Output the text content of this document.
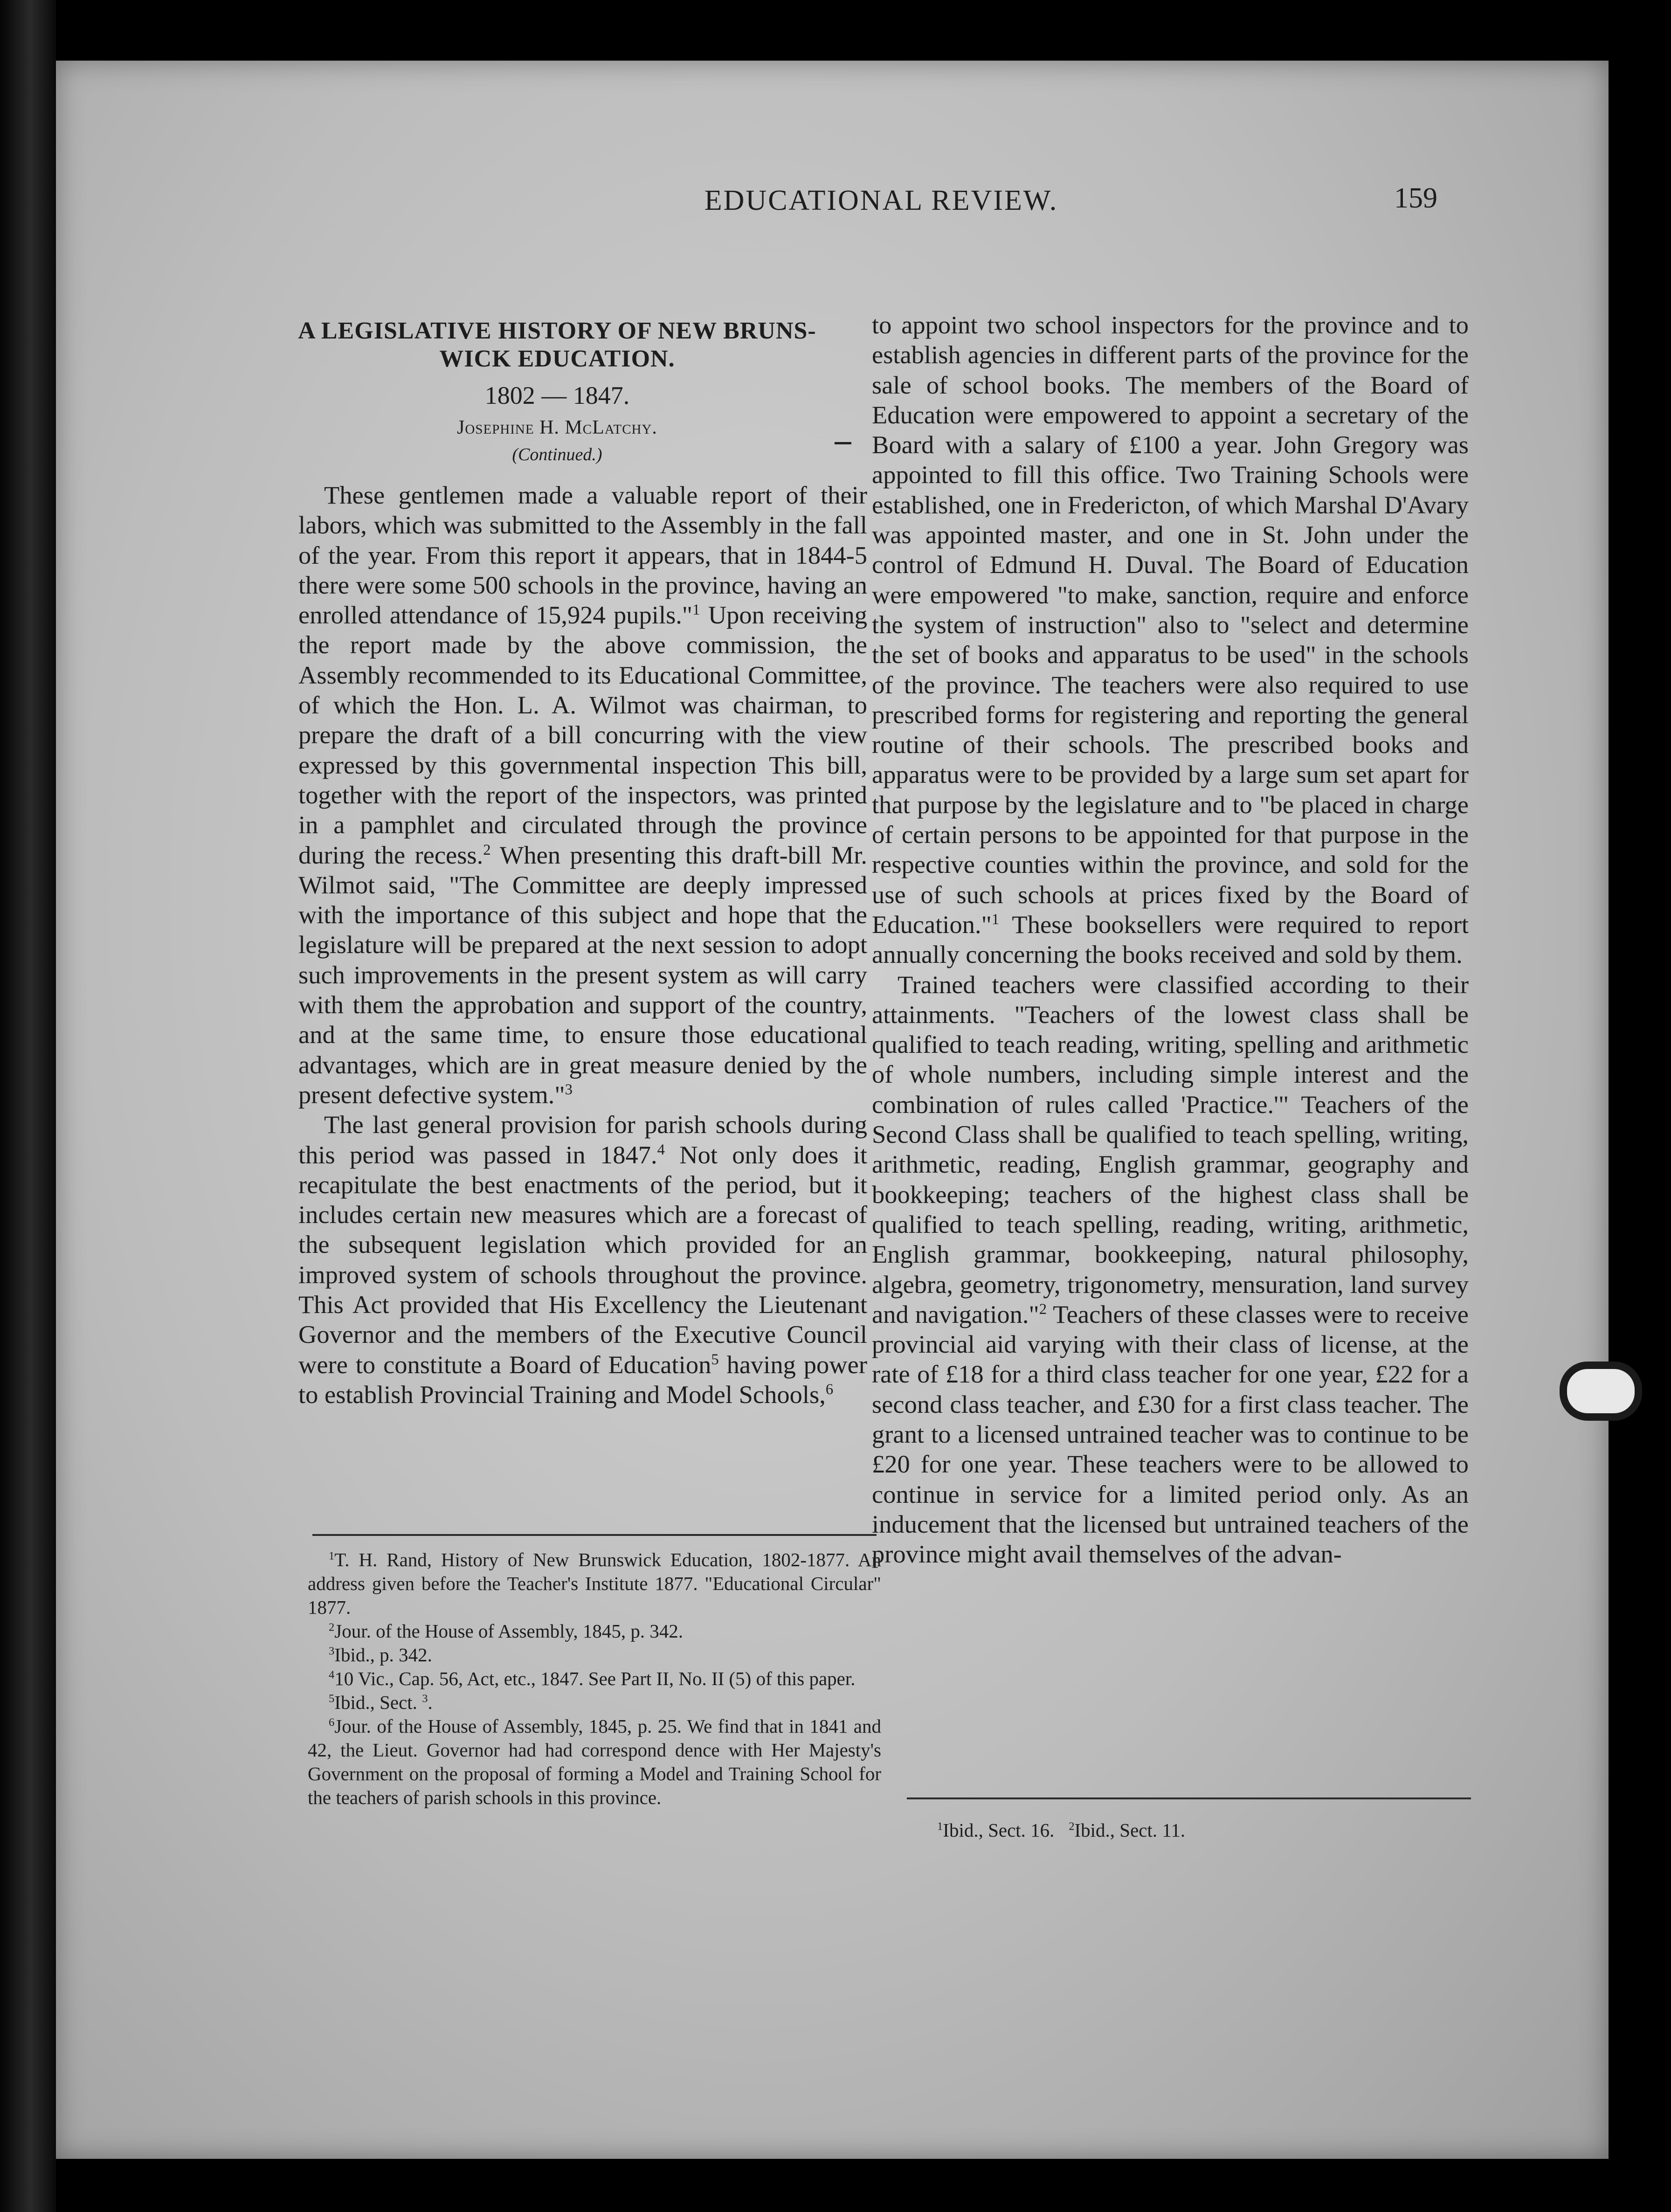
EDUCATIONAL REVIEW.	159
A LEGISLATIVE HISTORY OF NEW BRUNS- WICK EDUCATION.
1802 — 1847.
Josephine H. McLatchy.
(Continued.)

These gentlemen made a valuable report of their labors, which was submitted to the Assembly in the fall of the year. From this report it appears, that in 1844-5 there were some 500 schools in the province, having an enrolled attendance of 15,924 pupils."$^1$ Upon receiving the report made by the above commission, the Assembly recommended to its Educational Committee, of which the Hon. L. A. Wilmot was chairman, to prepare the draft of a bill concurring with the view expressed by this governmental inspection This bill, together with the report of the inspectors, was printed in a pamphlet and circulated through the province during the recess.$^2$ When presenting this draft-bill Mr. Wilmot said, "The Committee are deeply impressed with the importance of this subject and hope that the legislature will be prepared at the next session to adopt such improvements in the present system as will carry with them the approbation and support of the country, and at the same time, to ensure those educational advantages, which are in great measure denied by the present defective system."$^3$

The last general provision for parish schools during this period was passed in 1847.$^4$ Not only does it recapitulate the best enactments of the period, but it includes certain new measures which are a forecast of the subsequent legislation which provided for an improved system of schools throughout the province. This Act provided that His Excellency the Lieutenant Governor and the members of the Executive Council were to constitute a Board of Education$^5$ having power to establish Provincial Training and Model Schools,$^6$

$^1$T. H. Rand, History of New Brunswick Education, 1802-1877. An address given before the Teacher's Institute 1877. "Educational Circular" 1877.

$^2$Jour. of the House of Assembly, 1845, p. 342.

$^3$Ibid., p. 342.

$^4$10 Vic., Cap. 56, Act, etc., 1847. See Part II, No. II (5) of this paper.

$^5$Ibid., Sect. $^3$.

$^6$Jour. of the House of Assembly, 1845, p. 25. We find that in 1841 and 42, the Lieut. Governor had had correspond dence with Her Majesty's Government on the proposal of forming a Model and Training School for the teachers of parish schools in this province.

to appoint two school inspectors for the province and to establish agencies in different parts of the province for the sale of school books. The members of the Board of Education were empowered to appoint a secretary of the Board with a salary of £100 a year. John Gregory was appointed to fill this office. Two Training Schools were established, one in Fredericton, of which Marshal D'Avary was appointed master, and one in St. John under the control of Edmund H. Duval. The Board of Education were empowered "to make, sanction, require and enforce the system of instruction" also to "select and determine the set of books and apparatus to be used" in the schools of the province. The teachers were also required to use prescribed forms for registering and reporting the general routine of their schools. The prescribed books and apparatus were to be provided by a large sum set apart for that purpose by the legislature and to "be placed in charge of certain persons to be appointed for that purpose in the respective counties within the province, and sold for the use of such schools at prices fixed by the Board of Education."$^1$ These booksellers were required to report annually concerning the books received and sold by them.

Trained teachers were classified according to their attainments. "Teachers of the lowest class shall be qualified to teach reading, writing, spelling and arithmetic of whole numbers, including simple interest and the combination of rules called 'Practice.'" Teachers of the Second Class shall be qualified to teach spelling, writing, arithmetic, reading, English grammar, geography and bookkeeping; teachers of the highest class shall be qualified to teach spelling, reading, writing, arithmetic, English grammar, bookkeeping, natural philosophy, algebra, geometry, trigonometry, mensuration, land survey and navigation."$^2$ Teachers of these classes were to receive provincial aid varying with their class of license, at the rate of £18 for a third class teacher for one year, £22 for a second class teacher, and £30 for a first class teacher. The grant to a licensed untrained teacher was to continue to be £20 for one year. These teachers were to be allowed to continue in service for a limited period only. As an inducement that the licensed but untrained teachers of the province might avail themselves of the advan-

$^1$Ibid., Sect. 16. $^2$Ibid., Sect. 11.
